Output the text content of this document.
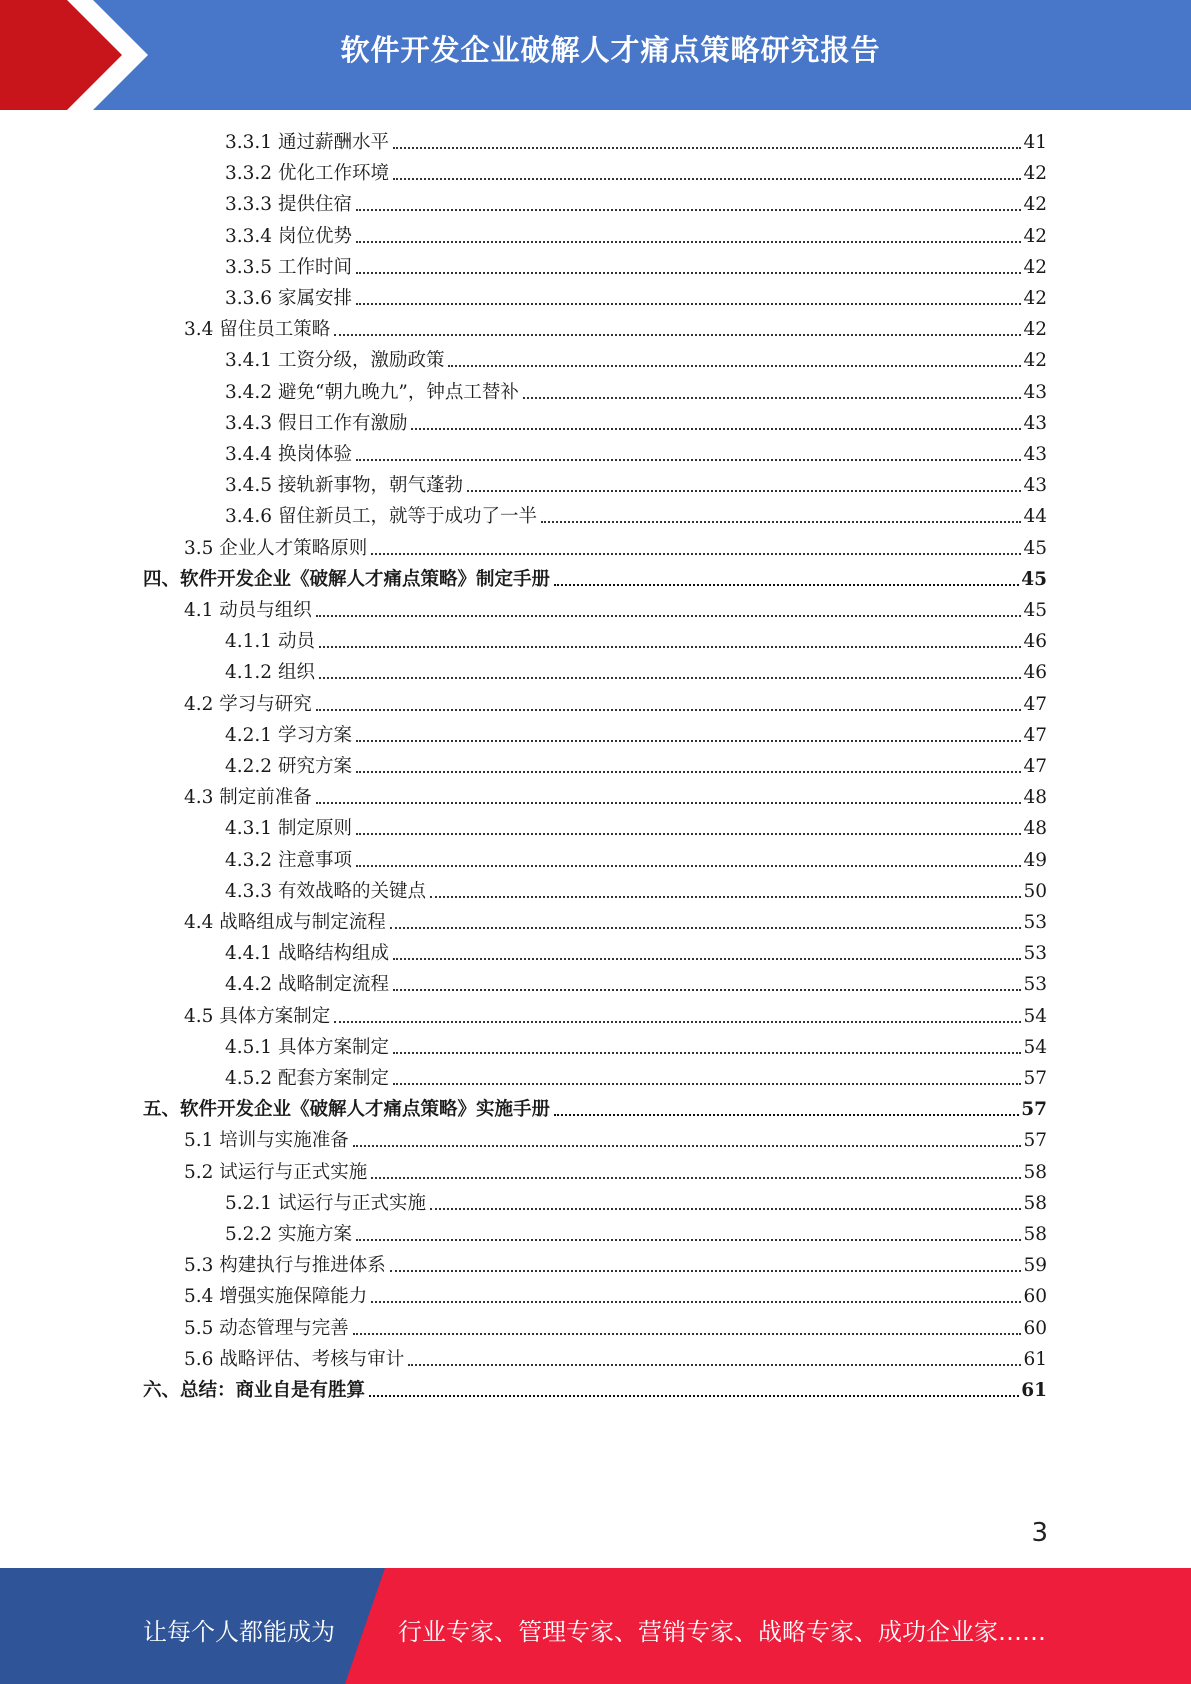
软件开发企业破解人才痛点策略研究报告
3.3.1 通过薪酬水平	41
3.3.2 优化工作环境	42
3.3.3 提供住宿	42
3.3.4 岗位优势	42
3.3.5 工作时间	42
3.3.6 家属安排	42
3.4 留住员工策略	42
3.4.1 工资分级，激励政策	42
3.4.2 避免“朝九晚九”，钟点工替补	43
3.4.3 假日工作有激励	43
3.4.4 换岗体验	43
3.4.5 接轨新事物，朝气蓬勃	43
3.4.6 留住新员工，就等于成功了一半	44
3.5 企业人才策略原则	45
四、软件开发企业《破解人才痛点策略》制定手册	45
4.1 动员与组织	45
4.1.1 动员	46
4.1.2 组织	46
4.2 学习与研究	47
4.2.1 学习方案	47
4.2.2 研究方案	47
4.3 制定前准备	48
4.3.1 制定原则	48
4.3.2 注意事项	49
4.3.3 有效战略的关键点	50
4.4 战略组成与制定流程	53
4.4.1 战略结构组成	53
4.4.2 战略制定流程	53
4.5 具体方案制定	54
4.5.1 具体方案制定	54
4.5.2 配套方案制定	57
五、软件开发企业《破解人才痛点策略》实施手册	57
5.1 培训与实施准备	57
5.2 试运行与正式实施	58
5.2.1 试运行与正式实施	58
5.2.2 实施方案	58
5.3 构建执行与推进体系	59
5.4 增强实施保障能力	60
5.5 动态管理与完善	60
5.6 战略评估、考核与审计	61
六、总结：商业自是有胜算	61
3
让每个人都能成为	行业专家、管理专家、营销专家、战略专家、成功企业家……
